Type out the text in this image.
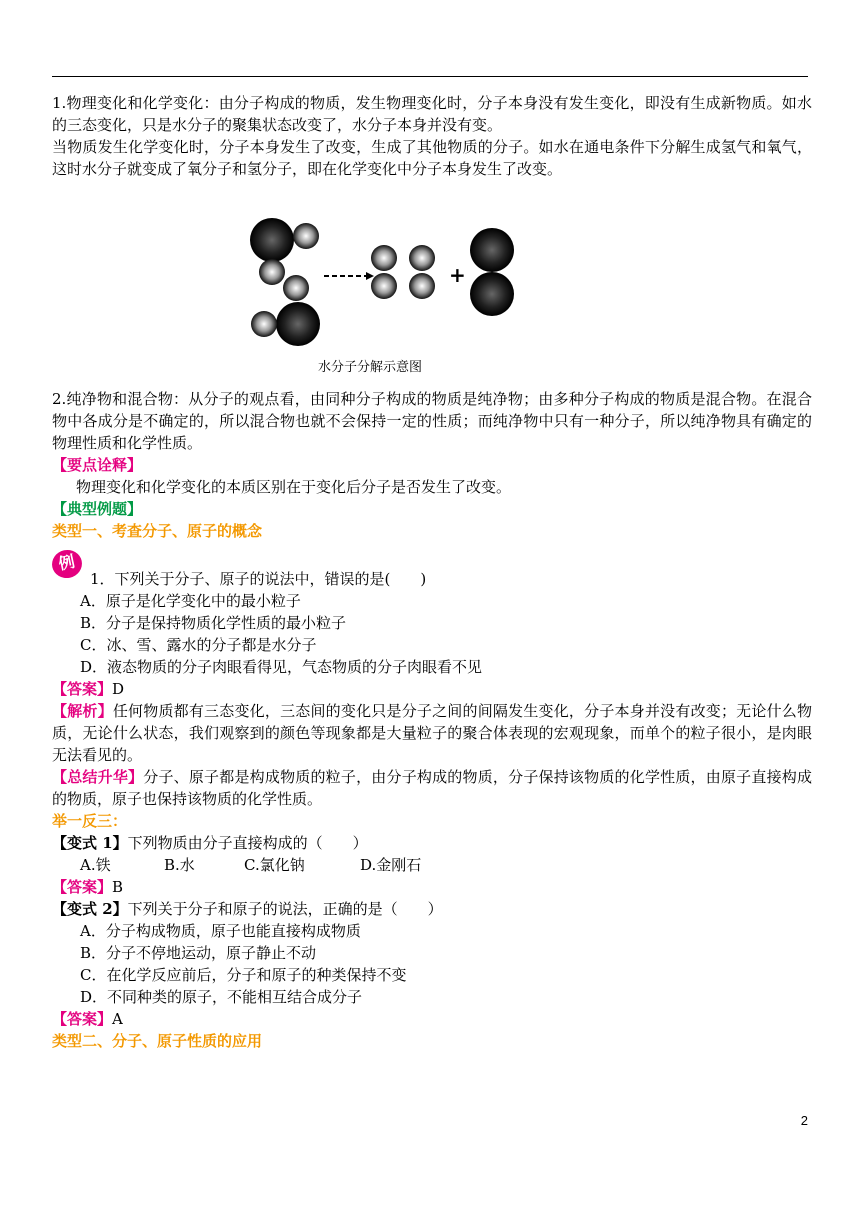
1.物理变化和化学变化：由分子构成的物质，发生物理变化时，分子本身没有发生变化，即没有生成新物质。如水的三态变化，只是水分子的聚集状态改变了，水分子本身并没有变。

当物质发生化学变化时，分子本身发生了改变，生成了其他物质的分子。如水在通电条件下分解生成氢气和氧气，这时水分子就变成了氧分子和氢分子，即在化学变化中分子本身发生了改变。

+
水分子分解示意图

2.纯净物和混合物：从分子的观点看，由同种分子构成的物质是纯净物；由多种分子构成的物质是混合物。在混合物中各成分是不确定的，所以混合物也就不会保持一定的性质；而纯净物中只有一种分子，所以纯净物具有确定的物理性质和化学性质。

【要点诠释】

物理变化和化学变化的本质区别在于变化后分子是否发生了改变。

【典型例题】

类型一、考查分子、原子的概念

例

1．下列关于分子、原子的说法中，错误的是(　　)

A．原子是化学变化中的最小粒子

B．分子是保持物质化学性质的最小粒子

C．冰、雪、露水的分子都是水分子

D．液态物质的分子肉眼看得见，气态物质的分子肉眼看不见

【答案】D

【解析】任何物质都有三态变化，三态间的变化只是分子之间的间隔发生变化，分子本身并没有改变；无论什么物质，无论什么状态，我们观察到的颜色等现象都是大量粒子的聚合体表现的宏观现象，而单个的粒子很小，是肉眼无法看见的。

【总结升华】分子、原子都是构成物质的粒子，由分子构成的物质，分子保持该物质的化学性质，由原子直接构成的物质，原子也保持该物质的化学性质。

举一反三：

【变式 1】下列物质由分子直接构成的（　　）

A.铁	B.水	C.氯化钠	D.金刚石

【答案】B

【变式 2】下列关于分子和原子的说法，正确的是（　　）

A．分子构成物质，原子也能直接构成物质

B．分子不停地运动，原子静止不动

C．在化学反应前后，分子和原子的种类保持不变

D．不同种类的原子，不能相互结合成分子

【答案】A

类型二、分子、原子性质的应用

2
